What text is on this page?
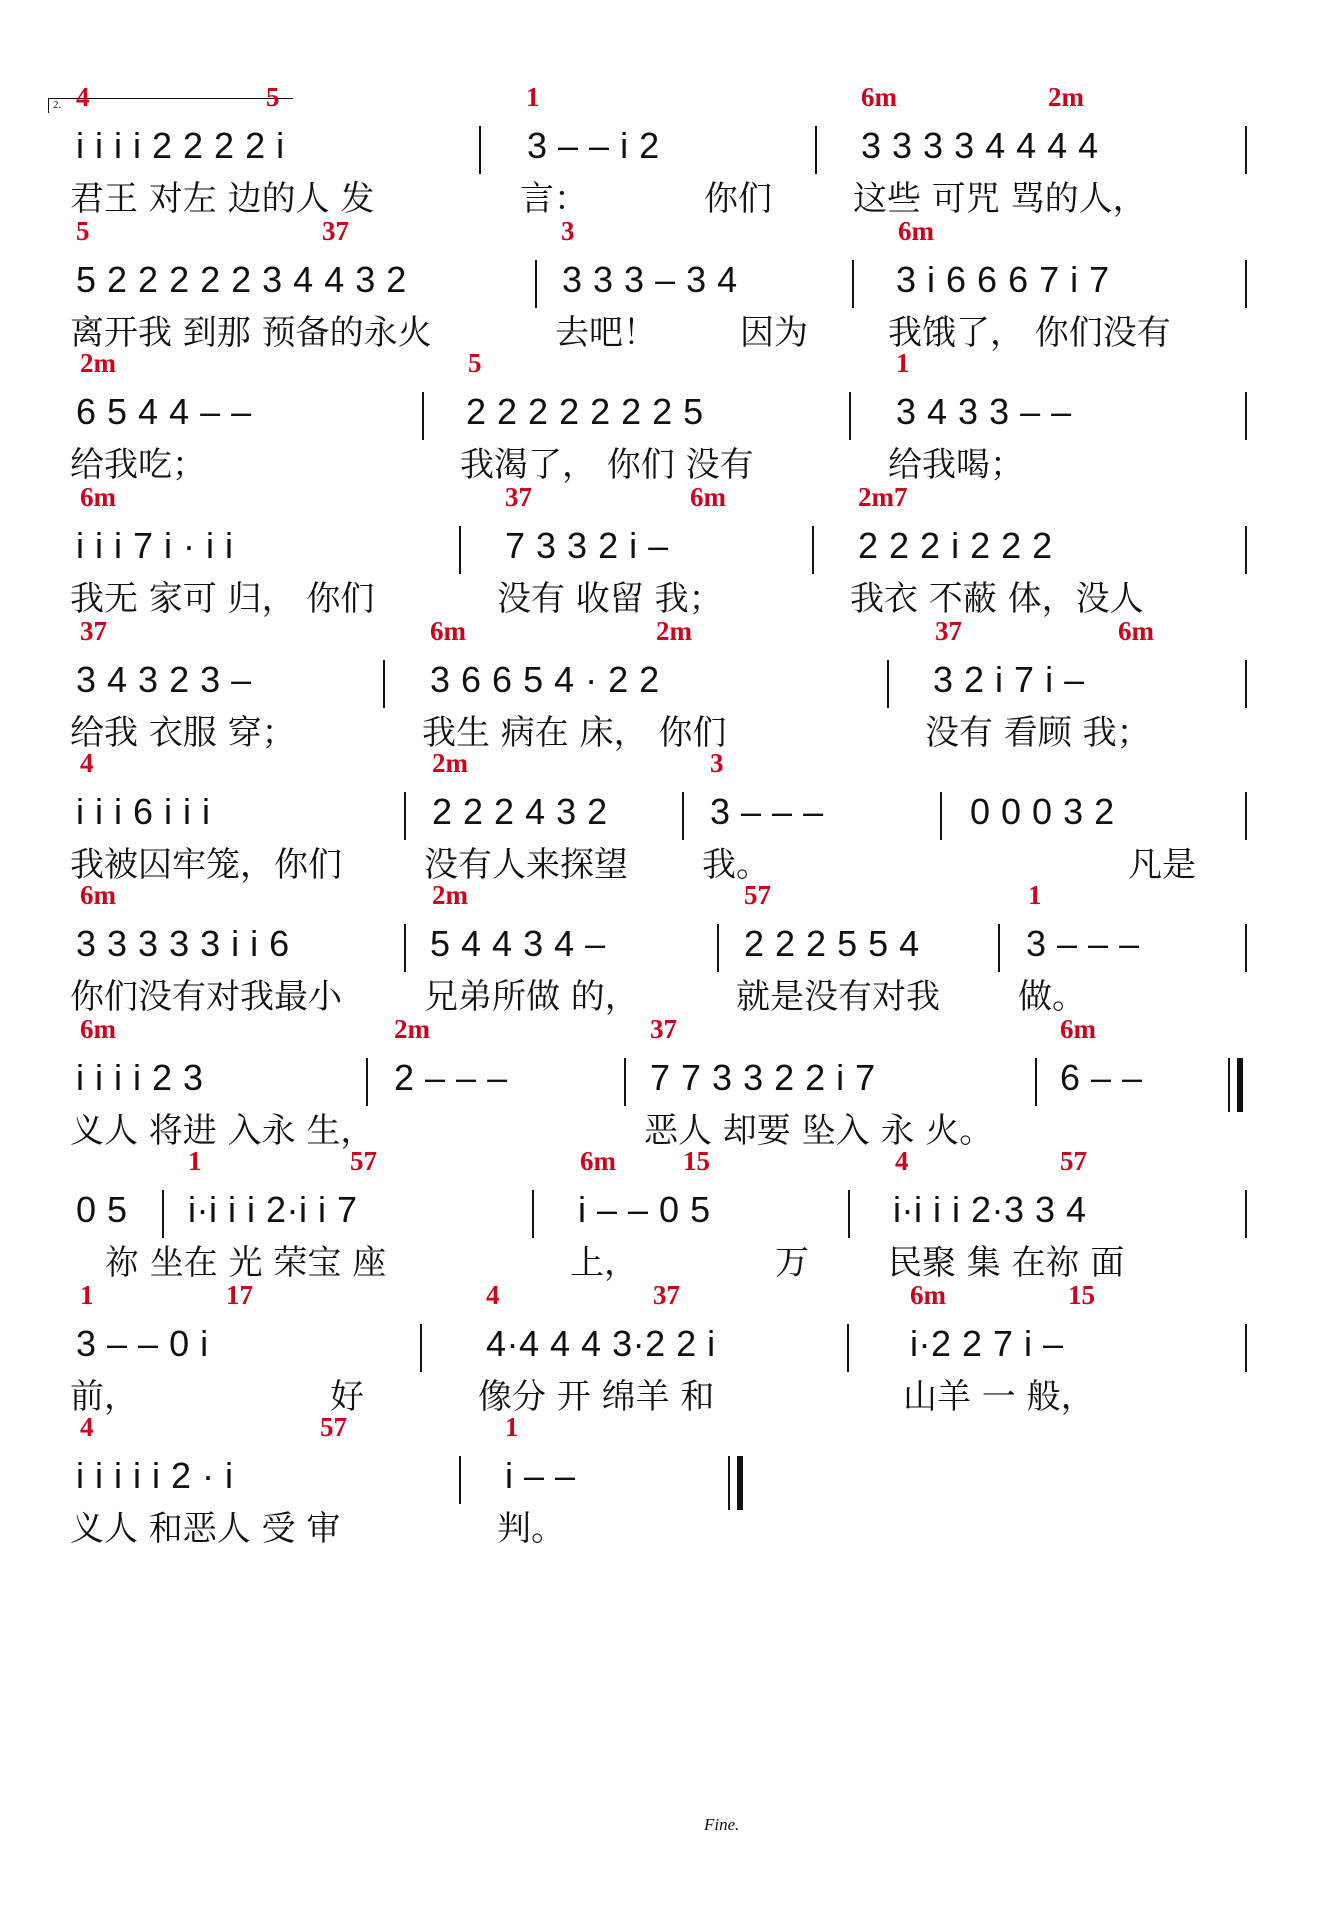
2.
Fine.
4	5	1	6m	2m
i i i i 2 2 2 2 i	3 – – i 2	3 3 3 3 4 4 4 4
君王 对左 边的人 发	言：	你们 这些 可咒 骂的人，
5	37	3	6m
5 2 2 2 2 2 3 4 4 3 2	3 3 3 – 3 4	3 i 6 6 6 7 i 7
离开我 到那 预备的永火	去吧！ 因为 我饿了， 你们没有
2m	5	1
6 5 4 4 – –	2 2 2 2 2 2 2 5	3 4 3 3 – –
给我吃；	我渴了， 你们 没有	给我喝；
6m	37	6m	2m7
i i i 7 i · i i	7 3 3 2 i –	2 2 2 i 2 2 2
我无 家可 归， 你们	没有 收留 我；	我衣 不蔽 体，没人
37	6m	2m	37	6m
3 4 3 2 3 –	3 6 6 5 4 · 2 2	3 2 i 7 i –
给我 衣服 穿；	我生 病在 床， 你们	没有 看顾 我；
4	2m	3
i i i 6 i i i	2 2 2 4 3 2	3 – – –	0 0 0 3 2
我被囚牢笼，你们 没有人来探望 我。	凡是
6m	2m	57	1
3 3 3 3 3 i i 6	5 4 4 3 4 –	2 2 2 5 5 4	3 – – –
你们没有对我最小 兄弟所做 的，	就是没有对我 做。
6m	2m	37	6m
i i i i 2 3	2 – – –	7 7 3 3 2 2 i 7	6 – –
义人 将进 入永 生，	恶人 却要 坠入 永 火。
1	57	6m 15	4	57
0 5 i·i i i 2·i i 7	i – – 0 5	i·i i i 2·3 3 4
祢 坐在 光 荣宝 座	上，	万 民聚 集 在祢 面
1	17	4	37	6m	15
3 – – 0 i	4·4 4 4 3·2 2 i	i·2 2 7 i –
前，	好	像分 开 绵羊 和	山羊 一 般，
4	57	1
i i i i i 2 · i	i – –
义人 和恶人 受 审	判。
